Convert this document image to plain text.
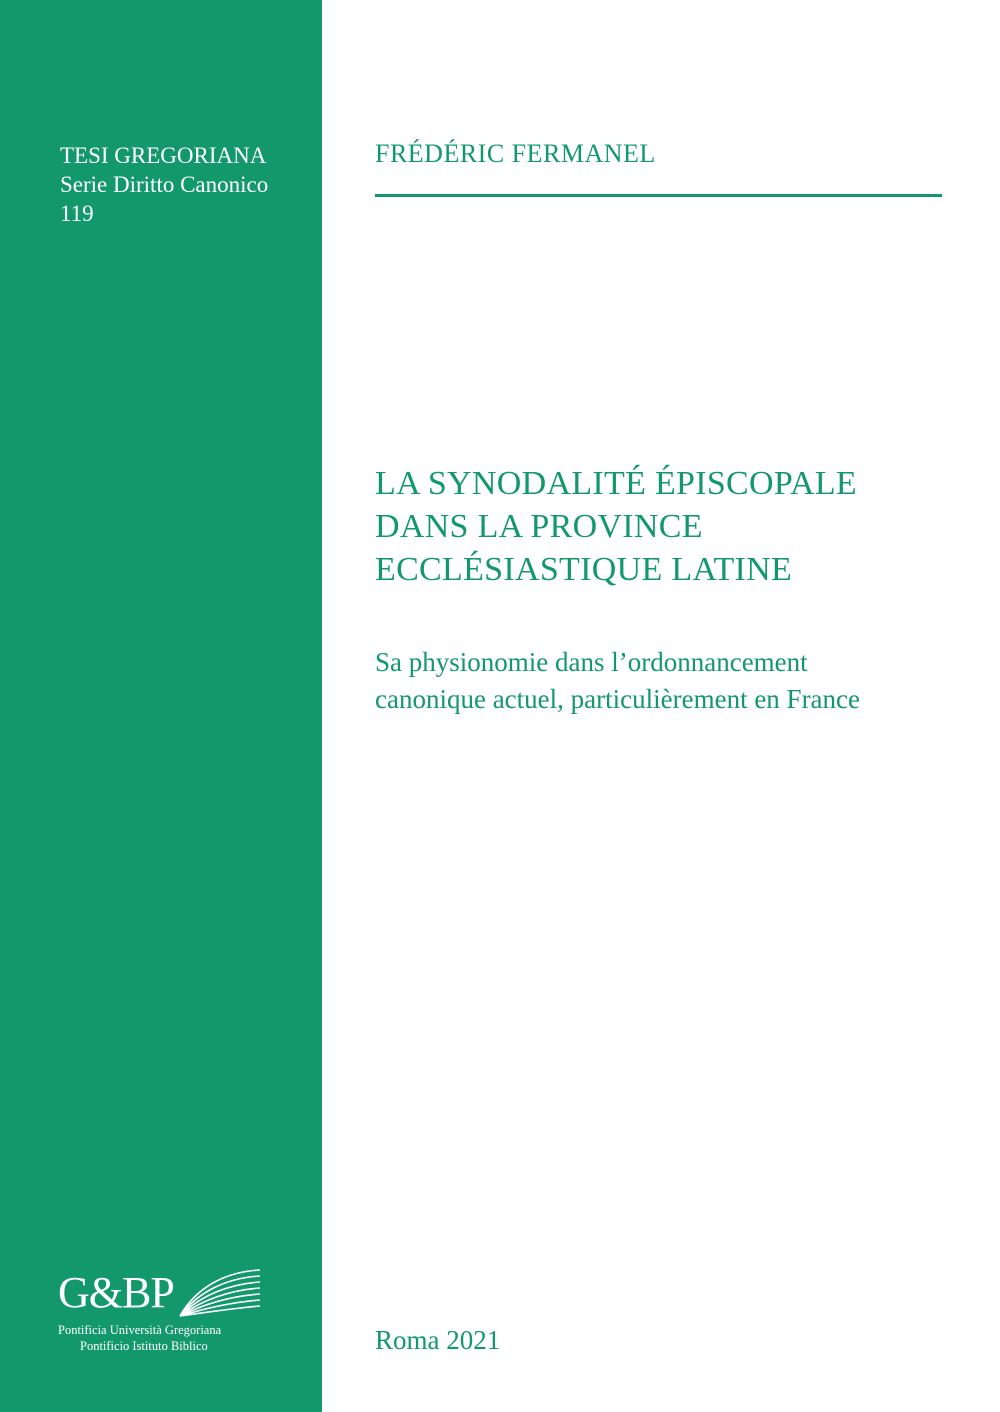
TESI GREGORIANA
Serie Diritto Canonico
119
G&BP
Pontificia Università Gregoriana
Pontificio Istituto Biblico
FRÉDÉRIC FERMANEL
LA SYNODALITÉ ÉPISCOPALE
DANS LA PROVINCE
ECCLÉSIASTIQUE LATINE
Sa physionomie dans l’ordonnancement
canonique actuel, particulièrement en France
Roma 2021
